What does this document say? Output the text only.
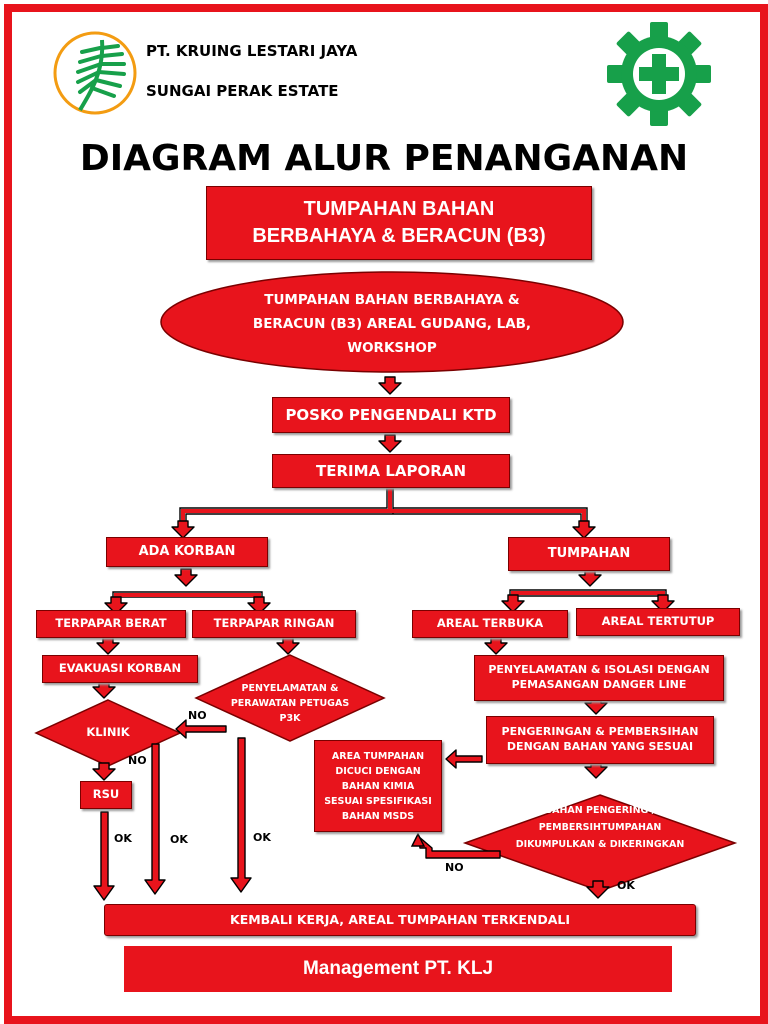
PT. KRUING LESTARI JAYA
SUNGAI PERAK ESTATE
DIAGRAM ALUR PENANGANAN
TUMPAHAN BAHAN
BERBAHAYA & BERACUN (B3)
TUMPAHAN BAHAN BERBAHAYA &
BERACUN (B3) AREAL GUDANG, LAB,
WORKSHOP
POSKO PENGENDALI KTD
TERIMA LAPORAN
ADA KORBAN	TUMPAHAN
TERPAPAR BERAT	TERPAPAR RINGAN	AREAL TERBUKA	AREAL TERTUTUP
EVAKUASI KORBAN
PENYELAMATAN &
PERAWATAN PETUGAS
P3K
KLINIK
RSU
PENYELAMATAN & ISOLASI DENGAN
PEMASANGAN DANGER LINE
PENGERINGAN & PEMBERSIHAN
DENGAN BAHAN YANG SESUAI
AREA TUMPAHAN
DICUCI DENGAN
BAHAN KIMIA
SESUAI SPESIFIKASI
BAHAN MSDS	BAHAN PENGERING /
PEMBERSIHTUMPAHAN
DIKUMPULKAN & DIKERINGKAN
KEMBALI KERJA, AREAL TUMPAHAN TERKENDALI
NO
NO
OK	OK	OK
NO
OK
Management PT. KLJ
